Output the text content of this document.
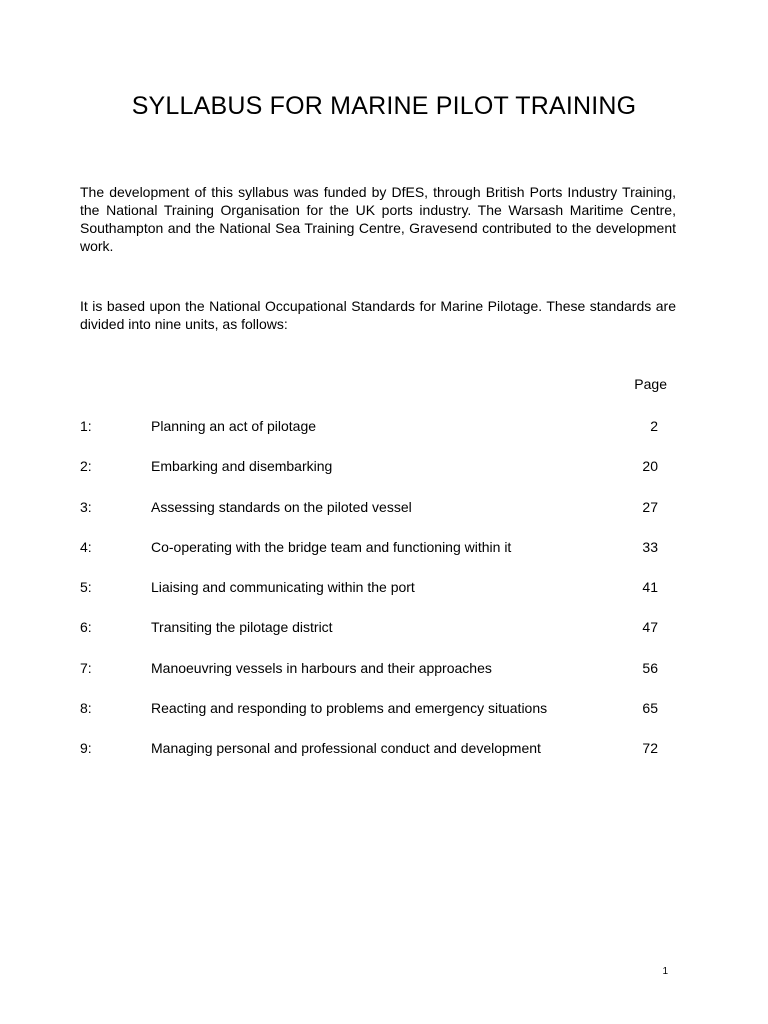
SYLLABUS FOR MARINE PILOT TRAINING

The development of this syllabus was funded by DfES, through British Ports Industry Training, the National Training Organisation for the UK ports industry. The Warsash Maritime Centre, Southampton and the National Sea Training Centre, Gravesend contributed to the development work.

It is based upon the National Occupational Standards for Marine Pilotage. These standards are divided into nine units, as follows:

Page
1:	Planning an act of pilotage	2
2:	Embarking and disembarking	20
3:	Assessing standards on the piloted vessel	27
4:	Co-operating with the bridge team and functioning within it	33
5:	Liaising and communicating within the port	41
6:	Transiting the pilotage district	47
7:	Manoeuvring vessels in harbours and their approaches	56
8:	Reacting and responding to problems and emergency situations	65
9:	Managing personal and professional conduct and development	72
1
